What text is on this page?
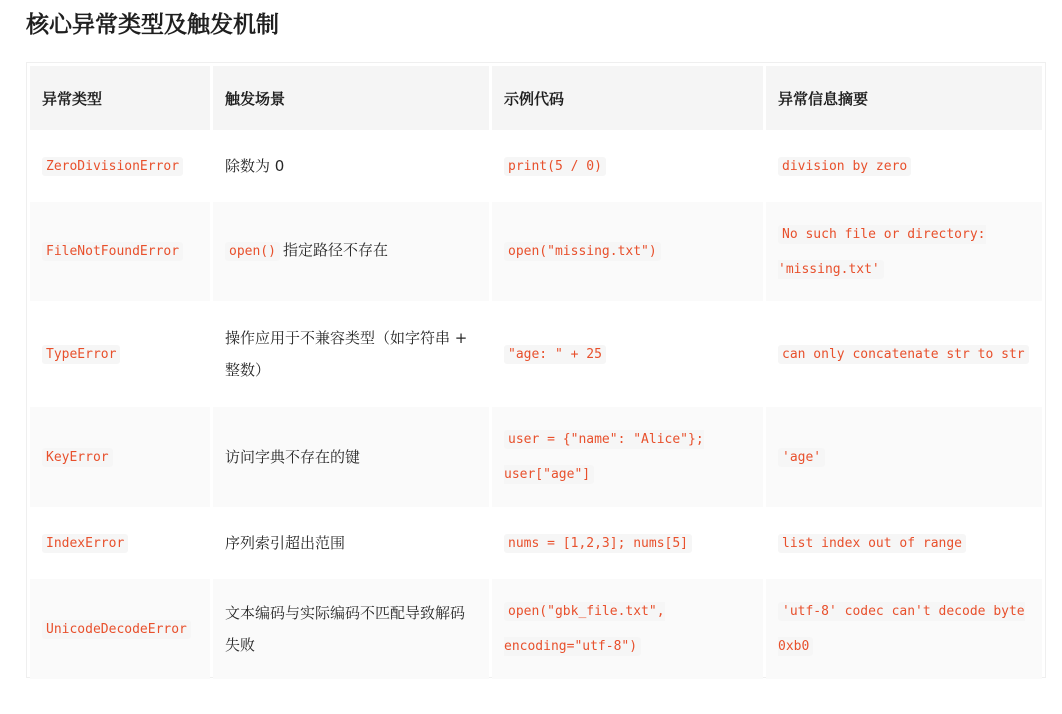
核心异常类型及触发机制
异常类型	触发场景	示例代码	异常信息摘要
ZeroDivisionError	除数为 0	print(5 / 0)	division by zero
FileNotFoundError	open() 指定路径不存在	open("missing.txt")	No such file or directory: 'missing.txt'
TypeError	操作应用于不兼容类型（如字符串 + 整数）	"age: " + 25	can only concatenate str to str
KeyError	访问字典不存在的键	user = {"name": "Alice"}; user["age"]	'age'
IndexError	序列索引超出范围	nums = [1,2,3]; nums[5]	list index out of range
UnicodeDecodeError	文本编码与实际编码不匹配导致解码失败	open("gbk_file.txt", encoding="utf-8")	'utf-8' codec can't decode byte 0xb0
